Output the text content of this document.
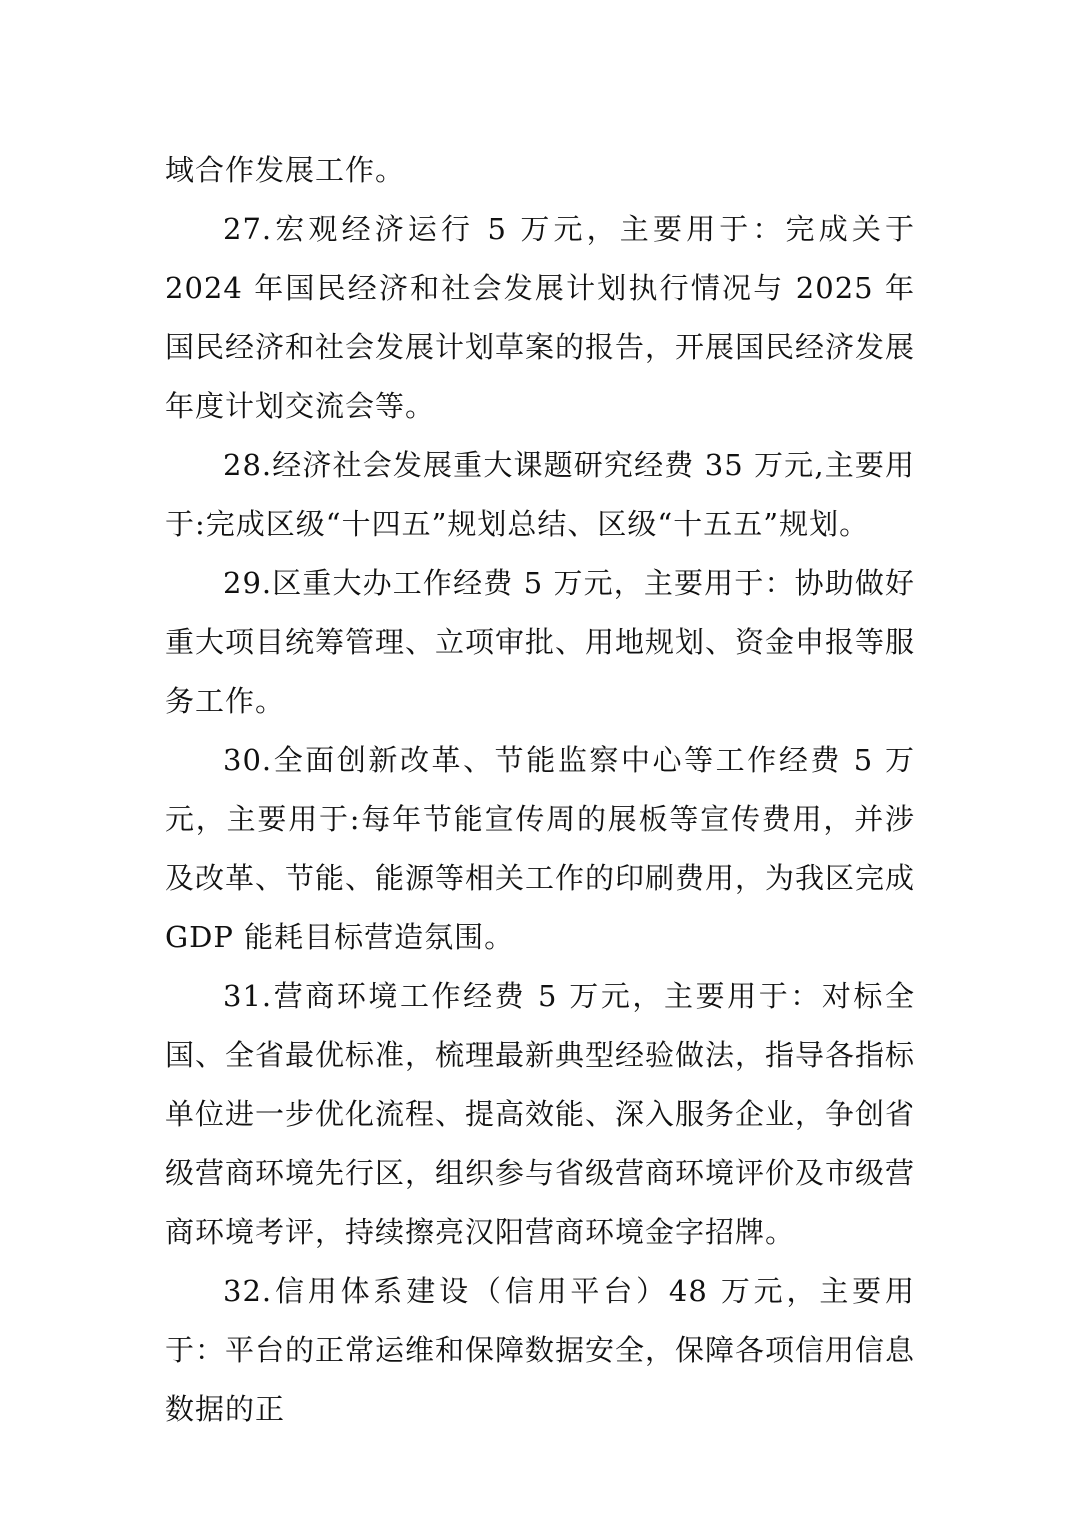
域合作发展工作。

27.宏观经济运行 5 万元，主要用于：完成关于 2024 年国民经济和社会发展计划执行情况与 2025 年国民经济和社会发展计划草案的报告，开展国民经济发展年度计划交流会等。

28.经济社会发展重大课题研究经费 35 万元,主要用于:完成区级“十四五”规划总结、区级“十五五”规划。

29.区重大办工作经费 5 万元，主要用于：协助做好重大项目统筹管理、立项审批、用地规划、资金申报等服务工作。

30.全面创新改革、节能监察中心等工作经费 5 万元，主要用于:每年节能宣传周的展板等宣传费用，并涉及改革、节能、能源等相关工作的印刷费用，为我区完成 GDP 能耗目标营造氛围。

31.营商环境工作经费 5 万元，主要用于：对标全国、全省最优标准，梳理最新典型经验做法，指导各指标单位进一步优化流程、提高效能、深入服务企业，争创省级营商环境先行区，组织参与省级营商环境评价及市级营商环境考评，持续擦亮汉阳营商环境金字招牌。

32.信用体系建设（信用平台）48 万元，主要用于：平台的正常运维和保障数据安全，保障各项信用信息数据的正
